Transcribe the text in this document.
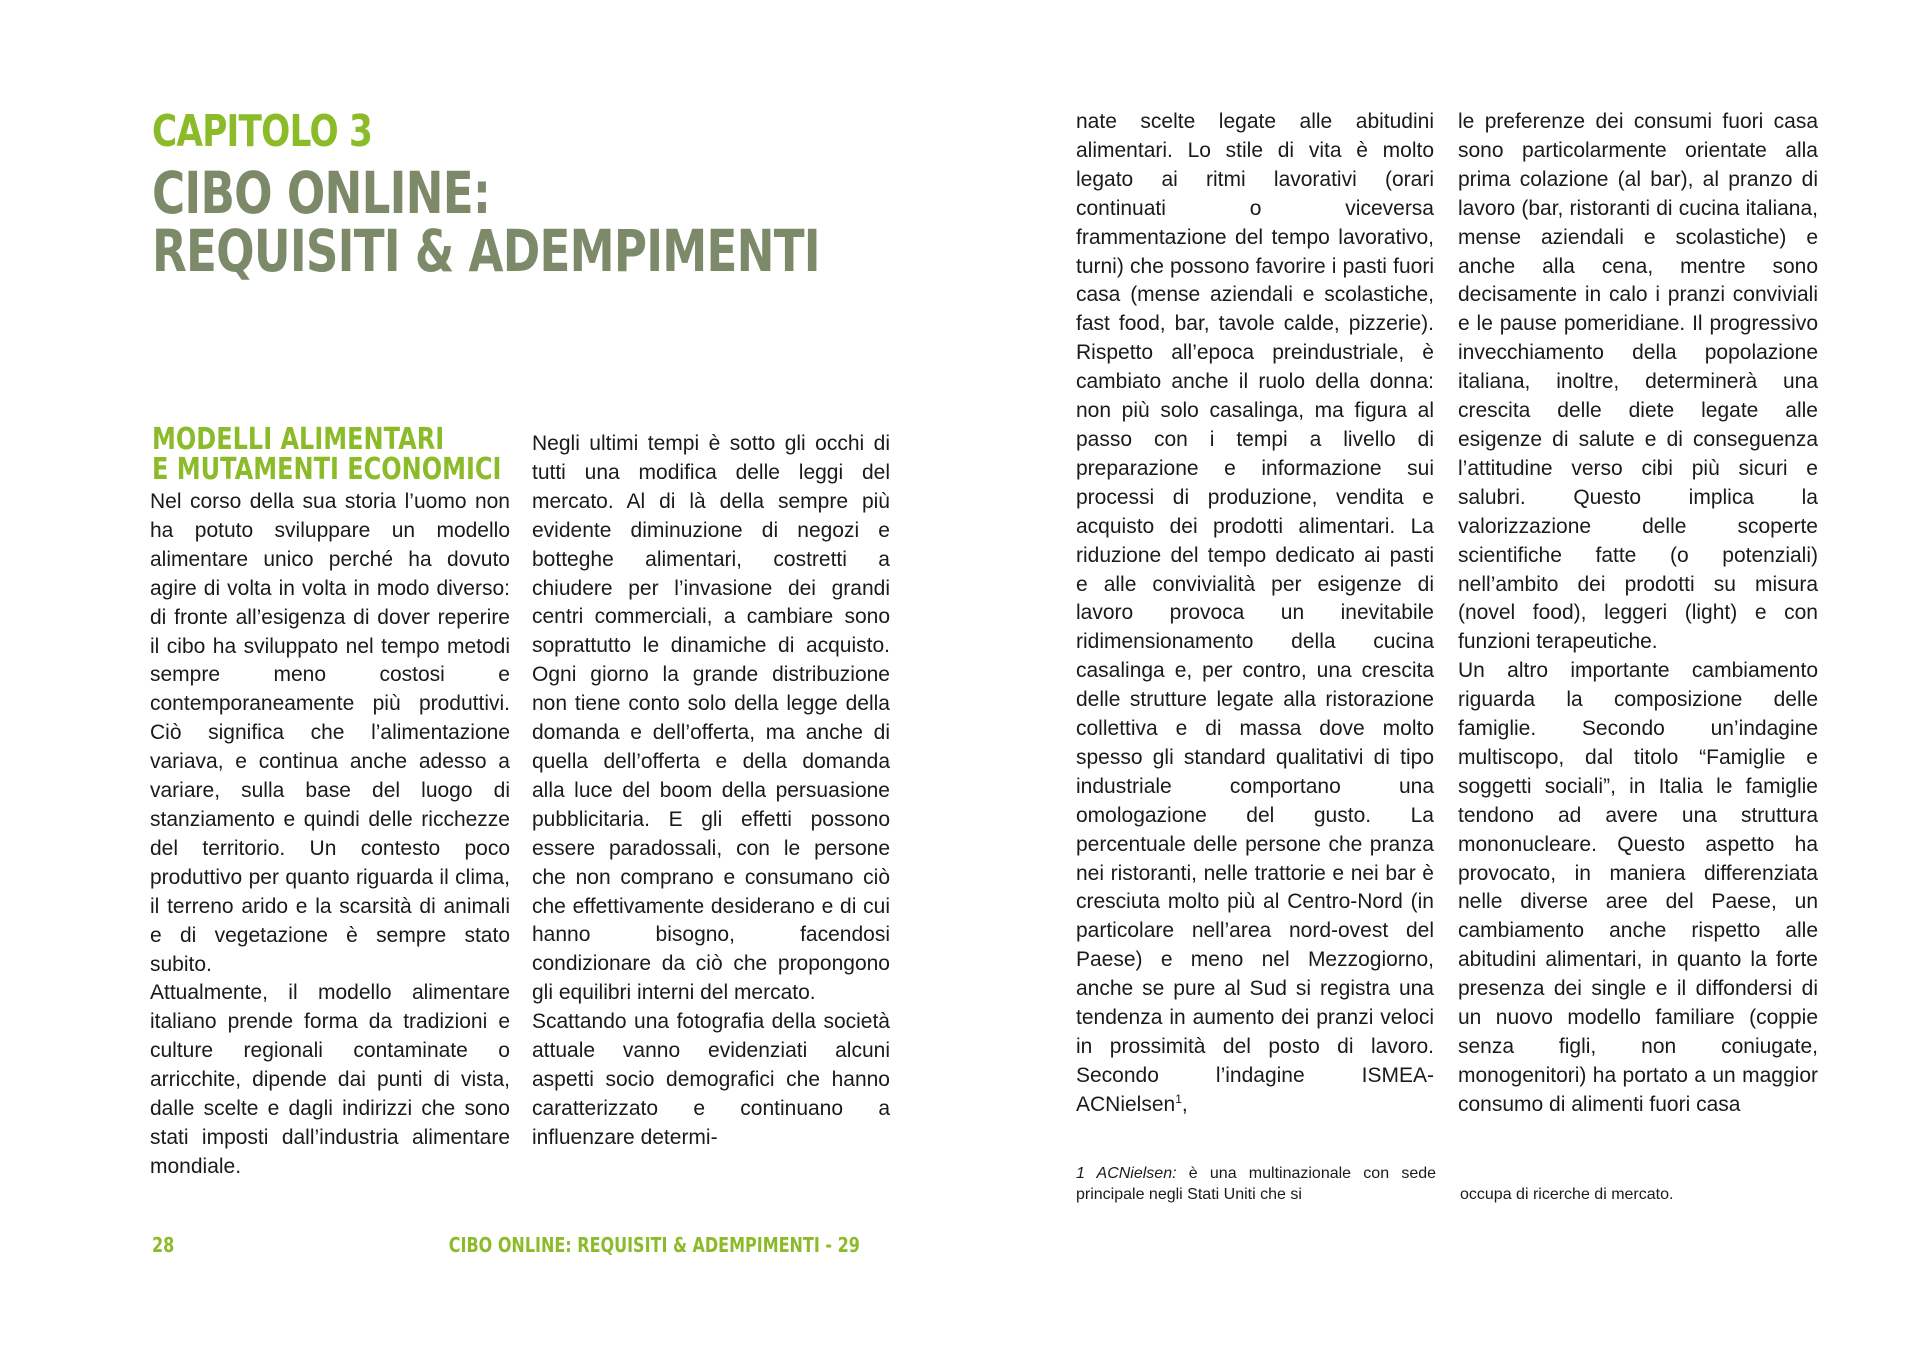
CAPITOLO 3
CIBO ONLINE:
REQUISITI & ADEMPIMENTI
MODELLI ALIMENTARI
E MUTAMENTI ECONOMICI

Nel corso della sua storia l’uomo non ha potuto sviluppare un modello alimentare unico perché ha dovuto agire di volta in volta in modo diverso: di fronte all’esigenza di dover reperire il cibo ha sviluppato nel tempo metodi sempre meno costosi e contemporaneamente più produttivi. Ciò significa che l’alimentazione variava, e continua anche adesso a variare, sulla base del luogo di stanziamento e quindi delle ricchezze del territorio. Un contesto poco produttivo per quanto riguarda il clima, il terreno arido e la scarsità di animali e di vegetazione è sempre stato subito.

Attualmente, il modello alimentare italiano prende forma da tradizioni e culture regionali contaminate o arricchite, dipende dai punti di vista, dalle scelte e dagli indirizzi che sono stati imposti dall’industria alimentare mondiale.

Negli ultimi tempi è sotto gli occhi di tutti una modifica delle leggi del mercato. Al di là della sempre più evidente diminuzione di negozi e botteghe alimentari, costretti a chiudere per l’invasione dei grandi centri commerciali, a cambiare sono soprattutto le dinamiche di acquisto. Ogni giorno la grande distribuzione non tiene conto solo della legge della domanda e dell’offerta, ma anche di quella dell’offerta e della domanda alla luce del boom della persuasione pubblicitaria. E gli effetti possono essere paradossali, con le persone che non comprano e consumano ciò che effettivamente desiderano e di cui hanno bisogno, facendosi condizionare da ciò che propongono gli equilibri interni del mercato.

Scattando una fotografia della società attuale vanno evidenziati alcuni aspetti socio demografici che hanno caratterizzato e continuano a influenzare determi-

28

nate scelte legate alle abitudini alimentari. Lo stile di vita è molto legato ai ritmi lavorativi (orari continuati o viceversa frammentazione del tempo lavorativo, turni) che possono favorire i pasti fuori casa (mense aziendali e scolastiche, fast food, bar, tavole calde, pizzerie). Rispetto all’epoca preindustriale, è cambiato anche il ruolo della donna: non più solo casalinga, ma figura al passo con i tempi a livello di preparazione e informazione sui processi di produzione, vendita e acquisto dei prodotti alimentari. La riduzione del tempo dedicato ai pasti e alle convivialità per esigenze di lavoro provoca un inevitabile ridimensionamento della cucina casalinga e, per contro, una crescita delle strutture legate alla ristorazione collettiva e di massa dove molto spesso gli standard qualitativi di tipo industriale comportano una omologazione del gusto. La percentuale delle persone che pranza nei ristoranti, nelle trattorie e nei bar è cresciuta molto più al Centro-Nord (in particolare nell’area nord-ovest del Paese) e meno nel Mezzogiorno, anche se pure al Sud si registra una tendenza in aumento dei pranzi veloci in prossimità del posto di lavoro. Secondo l’indagine ISMEA-ACNielsen$^1$,

1 ACNielsen: è una multinazionale con sede principale negli Stati Uniti che si

le preferenze dei consumi fuori casa sono particolarmente orientate alla prima colazione (al bar), al pranzo di lavoro (bar, ristoranti di cucina italiana, mense aziendali e scolastiche) e anche alla cena, mentre sono decisamente in calo i pranzi conviviali e le pause pomeridiane. Il progressivo invecchiamento della popolazione italiana, inoltre, determinerà una crescita delle diete legate alle esigenze di salute e di conseguenza l’attitudine verso cibi più sicuri e salubri. Questo implica la valorizzazione delle scoperte scientifiche fatte (o potenziali) nell’ambito dei prodotti su misura (novel food), leggeri (light) e con funzioni terapeutiche.

Un altro importante cambiamento riguarda la composizione delle famiglie. Secondo un’indagine multiscopo, dal titolo “Famiglie e soggetti sociali”, in Italia le famiglie tendono ad avere una struttura mononucleare. Questo aspetto ha provocato, in maniera differenziata nelle diverse aree del Paese, un cambiamento anche rispetto alle abitudini alimentari, in quanto la forte presenza dei single e il diffondersi di un nuovo modello familiare (coppie senza figli, non coniugate, monogenitori) ha portato a un maggior consumo di alimenti fuori casa

occupa di ricerche di mercato.
CIBO ONLINE: REQUISITI & ADEMPIMENTI - 29
